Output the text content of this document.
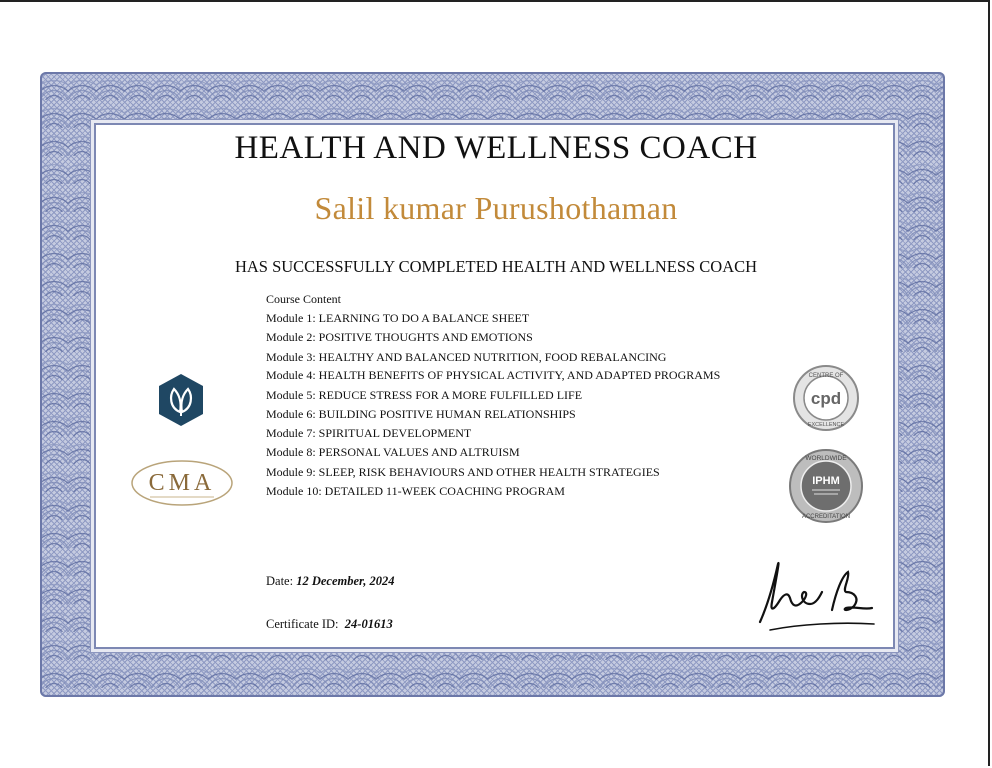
HEALTH AND WELLNESS COACH
Salil kumar Purushothaman
HAS SUCCESSFULLY COMPLETED HEALTH AND WELLNESS COACH
Course Content
Module 1: LEARNING TO DO A BALANCE SHEET
Module 2: POSITIVE THOUGHTS AND EMOTIONS
Module 3: HEALTHY AND BALANCED NUTRITION, FOOD REBALANCING
Module 4: HEALTH BENEFITS OF PHYSICAL ACTIVITY, AND ADAPTED PROGRAMS
Module 5: REDUCE STRESS FOR A MORE FULFILLED LIFE
Module 6: BUILDING POSITIVE HUMAN RELATIONSHIPS
Module 7: SPIRITUAL DEVELOPMENT
Module 8: PERSONAL VALUES AND ALTRUISM
Module 9: SLEEP, RISK BEHAVIOURS AND OTHER HEALTH STRATEGIES
Module 10: DETAILED 11-WEEK COACHING PROGRAM
Date: 12 December, 2024
Certificate ID: 24-01613
CMA
CENTRE OF
cpd
EXCELLENCE
WORLDWIDE
IPHM
ACCREDITATION
